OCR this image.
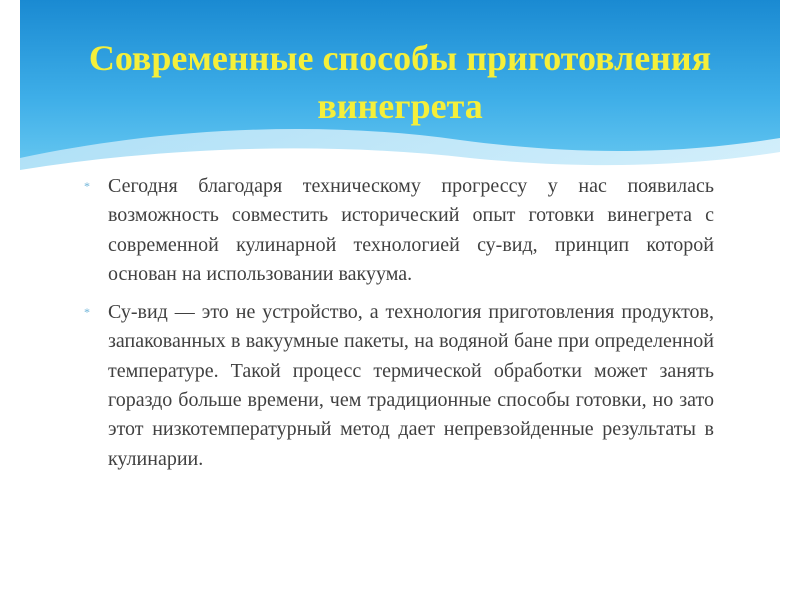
Современные способы приготовления винегрета
* Сегодня благодаря техническому прогрессу у нас появилась возможность совместить исторический опыт готовки винегрета с современной кулинарной технологией су-вид, принцип которой основан на использовании вакуума.
* Су-вид — это не устройство, а технология приготовления продуктов, запакованных в вакуумные пакеты, на водяной бане при определенной температуре. Такой процесс термической обработки может занять гораздо больше времени, чем традиционные способы готовки, но зато этот низкотемпературный метод дает непревзойденные результаты в кулинарии.
